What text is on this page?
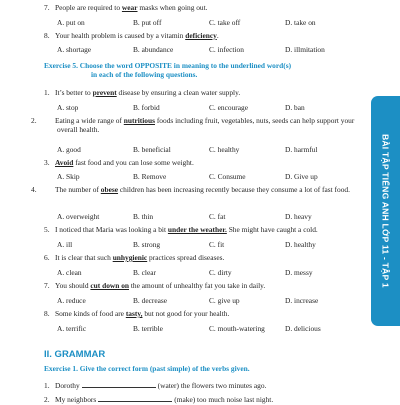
7. People are required to wear masks when going out.
A. put on	B. put off	C. take off	D. take on
8. Your health problem is caused by a vitamin deficiency.
A. shortage	B. abundance	C. infection	D. illmitation
Exercise 5. Choose the word OPPOSITE in meaning to the underlined word(s)
in each of the following questions.
1. It’s better to prevent disease by ensuring a clean water supply.
A. stop	B. forbid	C. encourage	D. ban
2. Eating a wide range of nutritious foods including fruit, vegetables, nuts, seeds can help support your overall health.
A. good	B. beneficial	C. healthy	D. harmful
3. Avoid fast food and you can lose some weight.
A. Skip	B. Remove	C. Consume	D. Give up
4. The number of obese children has been increasing recently because they consume a lot of fast food.
A. overweight	B. thin	C. fat	D. heavy
5. I noticed that Maria was looking a bit under the weather. She might have caught a cold.
A. ill	B. strong	C. fit	D. healthy
6. It is clear that such unhygienic practices spread diseases.
A. clean	B. clear	C. dirty	D. messy
7. You should cut down on the amount of unhealthy fat you take in daily.
A. reduce	B. decrease	C. give up	D. increase
8. Some kinds of food are tasty, but not good for your health.
A. terrific	B. terrible	C. mouth-watering	D. delicious
II. GRAMMAR
Exercise 1. Give the correct form (past simple) of the verbs given.
1. Dorothy	(water) the flowers two minutes ago.
2. My neighbors	(make) too much noise last night.
BÀI TẬP TIẾNG ANH LỚP 11 - TẬP 1
